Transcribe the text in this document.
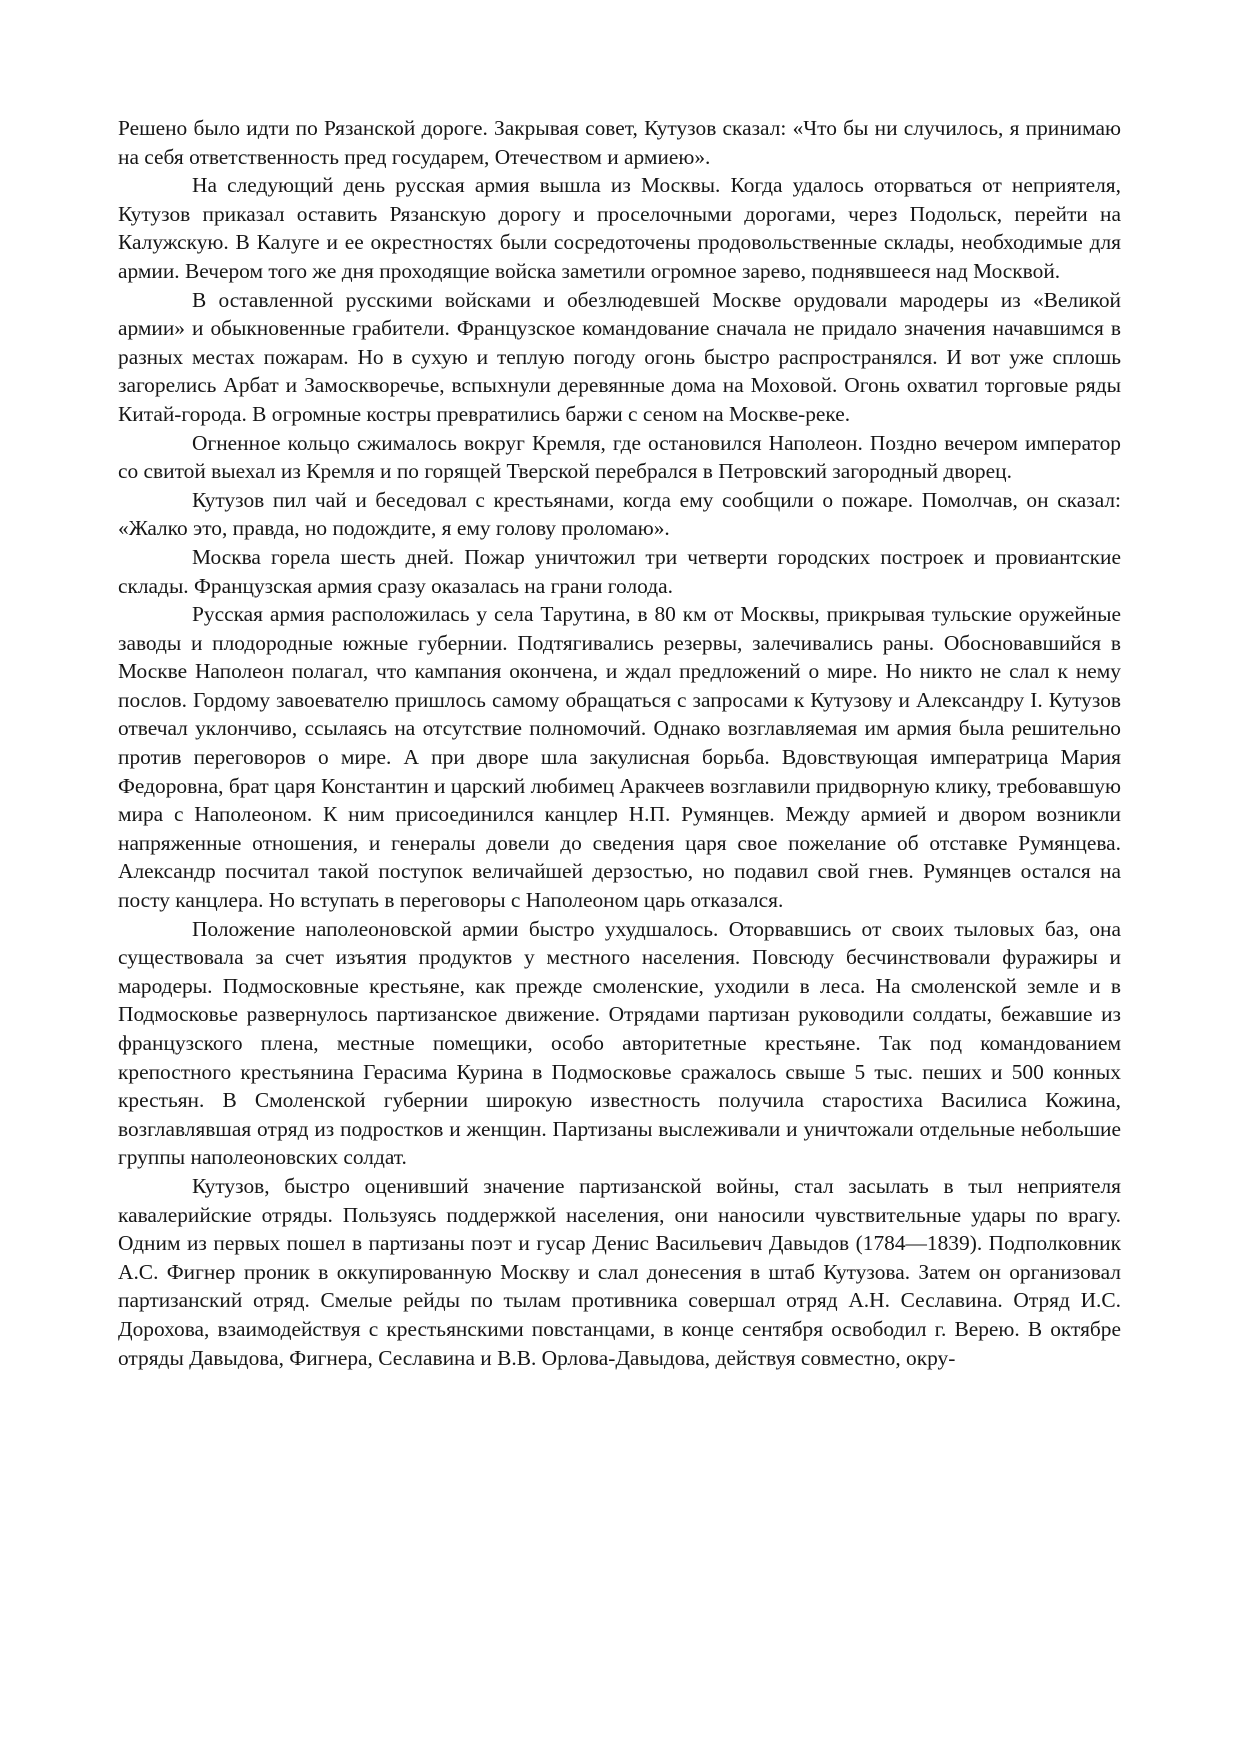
Решено было идти по Рязанской дороге. Закрывая совет, Кутузов сказал: «Что бы ни случилось, я принимаю на себя ответственность пред государем, Отечеством и армиею».

На следующий день русская армия вышла из Москвы. Когда удалось оторваться от неприятеля, Кутузов приказал оставить Рязанскую дорогу и проселочными дорогами, через Подольск, перейти на Калужскую. В Калуге и ее окрестностях были сосредоточены продовольственные склады, необходимые для армии. Вечером того же дня проходящие войска заметили огромное зарево, поднявшееся над Москвой.

В оставленной русскими войсками и обезлюдевшей Москве орудовали мародеры из «Великой армии» и обыкновенные грабители. Французское командование сначала не придало значения начавшимся в разных местах пожарам. Но в сухую и теплую погоду огонь быстро распространялся. И вот уже сплошь загорелись Арбат и Замоскворечье, вспыхнули деревянные дома на Моховой. Огонь охватил торговые ряды Китай-города. В огромные костры превратились баржи с сеном на Москве-реке.

Огненное кольцо сжималось вокруг Кремля, где остановился Наполеон. Поздно вечером император со свитой выехал из Кремля и по горящей Тверской перебрался в Петровский загородный дворец.

Кутузов пил чай и беседовал с крестьянами, когда ему сообщили о пожаре. Помолчав, он сказал: «Жалко это, правда, но подождите, я ему голову проломаю».

Москва горела шесть дней. Пожар уничтожил три четверти городских построек и провиантские склады. Французская армия сразу оказалась на грани голода.

Русская армия расположилась у села Тарутина, в 80 км от Москвы, прикрывая тульские оружейные заводы и плодородные южные губернии. Подтягивались резервы, залечивались раны. Обосновавшийся в Москве Наполеон полагал, что кампания окончена, и ждал предложений о мире. Но никто не слал к нему послов. Гордому завоевателю пришлось самому обращаться с запросами к Кутузову и Александру I. Кутузов отвечал уклончиво, ссылаясь на отсутствие полномочий. Однако возглавляемая им армия была решительно против переговоров о мире. А при дворе шла закулисная борьба. Вдовствующая императрица Мария Федоровна, брат царя Константин и царский любимец Аракчеев возглавили придворную клику, требовавшую мира с Наполеоном. К ним присоединился канцлер Н.П. Румянцев. Между армией и двором возникли напряженные отношения, и генералы довели до сведения царя свое пожелание об отставке Румянцева. Александр посчитал такой поступок величайшей дерзостью, но подавил свой гнев. Румянцев остался на посту канцлера. Но вступать в переговоры с Наполеоном царь отказался.

Положение наполеоновской армии быстро ухудшалось. Оторвавшись от своих тыловых баз, она существовала за счет изъятия продуктов у местного населения. Повсюду бесчинствовали фуражиры и мародеры. Подмосковные крестьяне, как прежде смоленские, уходили в леса. На смоленской земле и в Подмосковье развернулось партизанское движение. Отрядами партизан руководили солдаты, бежавшие из французского плена, местные помещики, особо авторитетные крестьяне. Так под командованием крепостного крестьянина Герасима Курина в Подмосковье сражалось свыше 5 тыс. пеших и 500 конных крестьян. В Смоленской губернии широкую известность получила старостиха Василиса Кожина, возглавлявшая отряд из подростков и женщин. Партизаны выслеживали и уничтожали отдельные небольшие группы наполеоновских солдат.

Кутузов, быстро оценивший значение партизанской войны, стал засылать в тыл неприятеля кавалерийские отряды. Пользуясь поддержкой населения, они наносили чувствительные удары по врагу. Одним из первых пошел в партизаны поэт и гусар Денис Васильевич Давыдов (1784—1839). Подполковник А.С. Фигнер проник в оккупированную Москву и слал донесения в штаб Кутузова. Затем он организовал партизанский отряд. Смелые рейды по тылам противника совершал отряд А.Н. Сеславина. Отряд И.С. Дорохова, взаимодействуя с крестьянскими повстанцами, в конце сентября освободил г. Верею. В октябре отряды Давыдова, Фигнера, Сеславина и В.В. Орлова-Давыдова, действуя совместно, окру-
